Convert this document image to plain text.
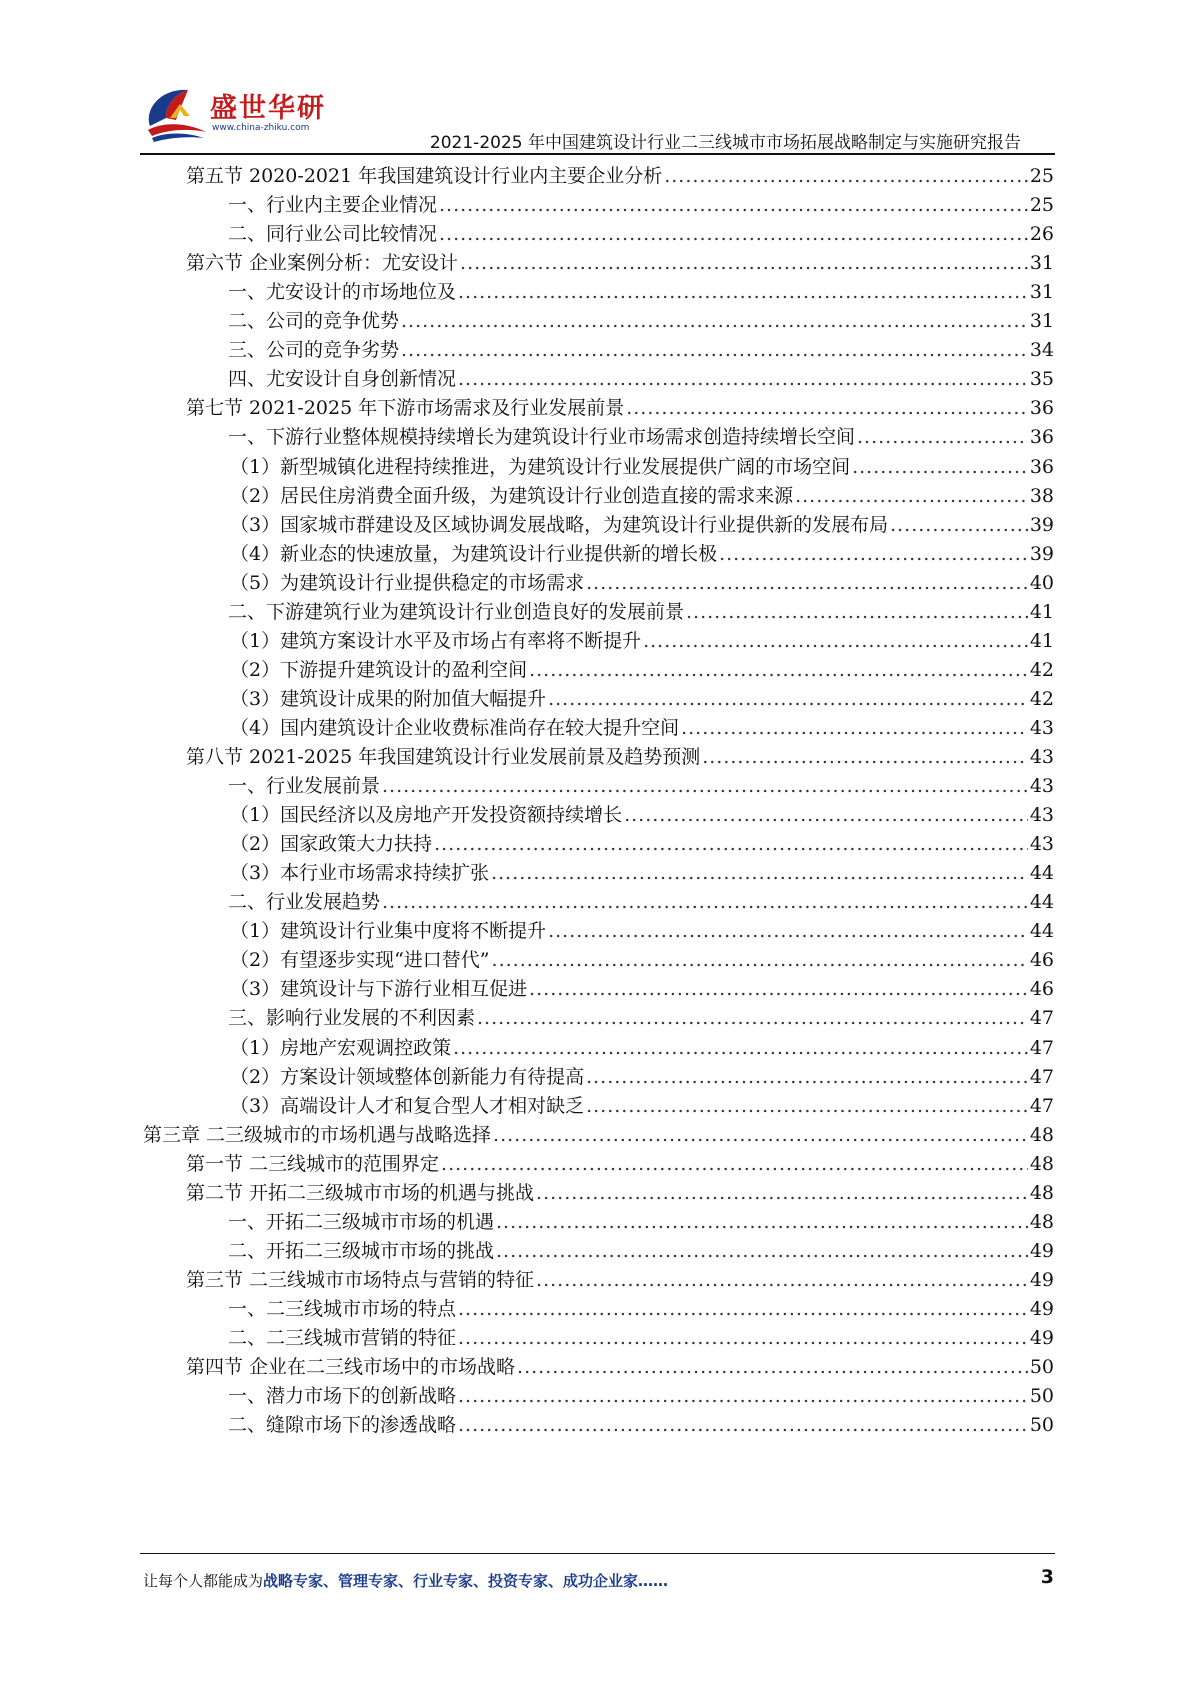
盛世华研
www.china-zhiku.com
2021-2025 年中国建筑设计行业二三线城市市场拓展战略制定与实施研究报告
第五节 2020-2021 年我国建筑设计行业内主要企业分析 .....	25
一、行业内主要企业情况 .....	25
二、同行业公司比较情况 .....	26
第六节 企业案例分析：尤安设计 .....	31
一、尤安设计的市场地位及 .....	31
二、公司的竞争优势 .....	31
三、公司的竞争劣势 .....	34
四、尤安设计自身创新情况 .....	35
第七节 2021-2025 年下游市场需求及行业发展前景 .....	36
一、下游行业整体规模持续增长为建筑设计行业市场需求创造持续增长空间 .....	36
（1）新型城镇化进程持续推进，为建筑设计行业发展提供广阔的市场空间 .....	36
（2）居民住房消费全面升级，为建筑设计行业创造直接的需求来源 .....	38
（3）国家城市群建设及区域协调发展战略，为建筑设计行业提供新的发展布局 .....	39
（4）新业态的快速放量，为建筑设计行业提供新的增长极 .....	39
（5）为建筑设计行业提供稳定的市场需求 .....	40
二、下游建筑行业为建筑设计行业创造良好的发展前景 .....	41
（1）建筑方案设计水平及市场占有率将不断提升 .....	41
（2）下游提升建筑设计的盈利空间 .....	42
（3）建筑设计成果的附加值大幅提升 .....	42
（4）国内建筑设计企业收费标准尚存在较大提升空间 .....	43
第八节 2021-2025 年我国建筑设计行业发展前景及趋势预测 .....	43
一、行业发展前景 .....	43
（1）国民经济以及房地产开发投资额持续增长 .....	43
（2）国家政策大力扶持 .....	43
（3）本行业市场需求持续扩张 .....	44
二、行业发展趋势 .....	44
（1）建筑设计行业集中度将不断提升 .....	44
（2）有望逐步实现“进口替代” .....	46
（3）建筑设计与下游行业相互促进 .....	46
三、影响行业发展的不利因素 .....	47
（1）房地产宏观调控政策 .....	47
（2）方案设计领域整体创新能力有待提高 .....	47
（3）高端设计人才和复合型人才相对缺乏 .....	47
第三章 二三级城市的市场机遇与战略选择 .....	48
第一节 二三线城市的范围界定 .....	48
第二节 开拓二三级城市市场的机遇与挑战 .....	48
一、开拓二三级城市市场的机遇 .....	48
二、开拓二三级城市市场的挑战 .....	49
第三节 二三线城市市场特点与营销的特征 .....	49
一、二三线城市市场的特点 .....	49
二、二三线城市营销的特征 .....	49
第四节 企业在二三线市场中的市场战略 .....	50
一、潜力市场下的创新战略 .....	50
二、缝隙市场下的渗透战略 .....	50
让每个人都能成为战略专家、管理专家、行业专家、投资专家、成功企业家……	3
